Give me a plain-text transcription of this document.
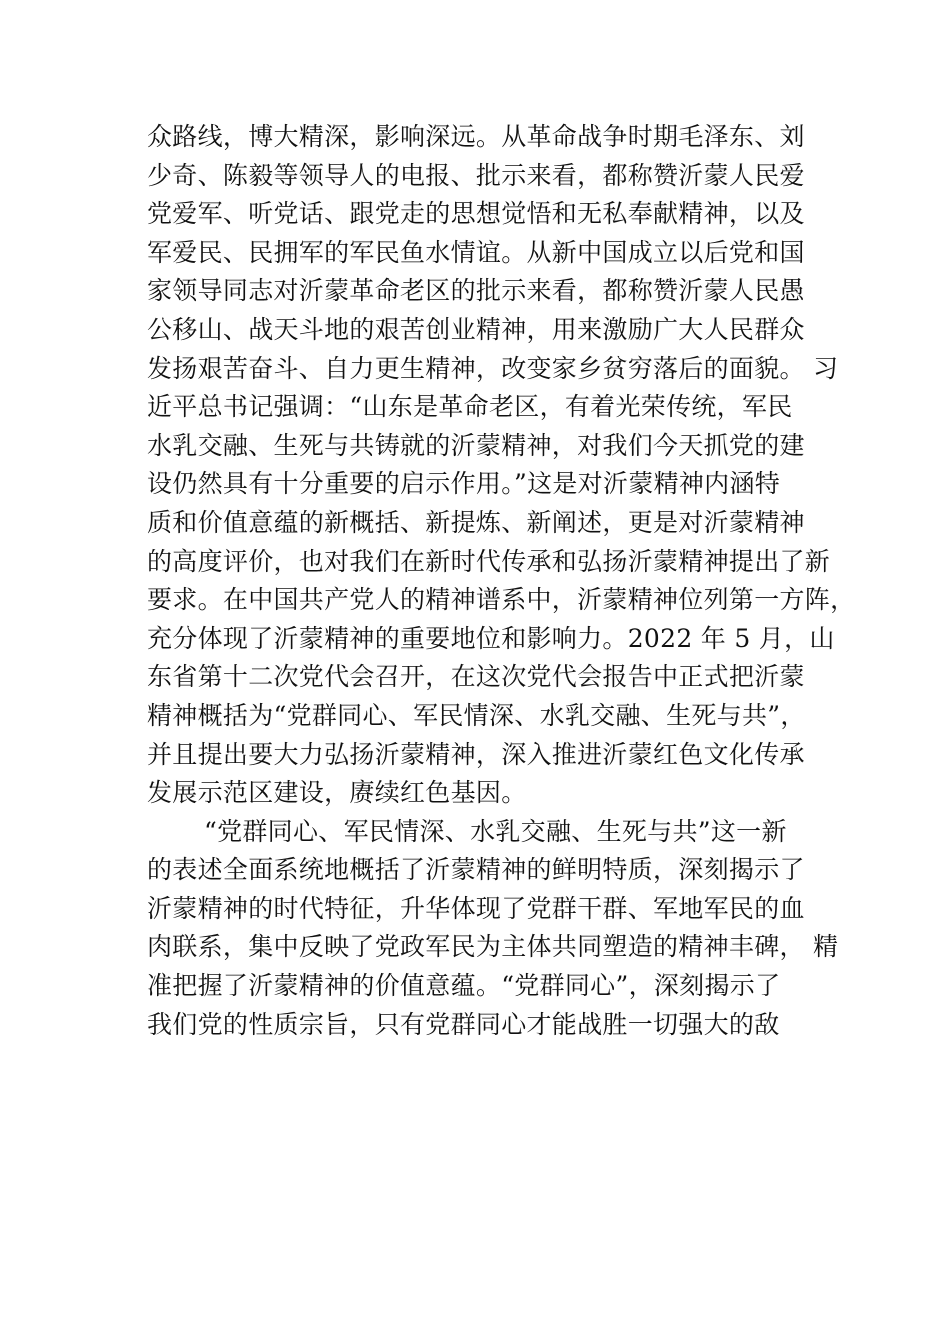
众路线，博大精深，影响深远。从革命战争时期毛泽东、刘
少奇、陈毅等领导人的电报、批示来看，都称赞沂蒙人民爱
党爱军、听党话、跟党走的思想觉悟和无私奉献精神，以及
军爱民、民拥军的军民鱼水情谊。从新中国成立以后党和国
家领导同志对沂蒙革命老区的批示来看，都称赞沂蒙人民愚
公移山、战天斗地的艰苦创业精神，用来激励广大人民群众
发扬艰苦奋斗、自力更生精神，改变家乡贫穷落后的面貌。 习
近平总书记强调：“山东是革命老区，有着光荣传统，军民
水乳交融、生死与共铸就的沂蒙精神，对我们今天抓党的建
设仍然具有十分重要的启示作用。”这是对沂蒙精神内涵特
质和价值意蕴的新概括、新提炼、新阐述，更是对沂蒙精神
的高度评价，也对我们在新时代传承和弘扬沂蒙精神提出了新
要求。在中国共产党人的精神谱系中，沂蒙精神位列第一方阵，
充分体现了沂蒙精神的重要地位和影响力。2022 年 5 月，山
东省第十二次党代会召开，在这次党代会报告中正式把沂蒙
精神概括为“党群同心、军民情深、水乳交融、生死与共”，
并且提出要大力弘扬沂蒙精神，深入推进沂蒙红色文化传承
发展示范区建设，赓续红色基因。
“党群同心、军民情深、水乳交融、生死与共”这一新
的表述全面系统地概括了沂蒙精神的鲜明特质，深刻揭示了
沂蒙精神的时代特征，升华体现了党群干群、军地军民的血
肉联系，集中反映了党政军民为主体共同塑造的精神丰碑， 精
准把握了沂蒙精神的价值意蕴。“党群同心”，深刻揭示了
我们党的性质宗旨，只有党群同心才能战胜一切强大的敌
